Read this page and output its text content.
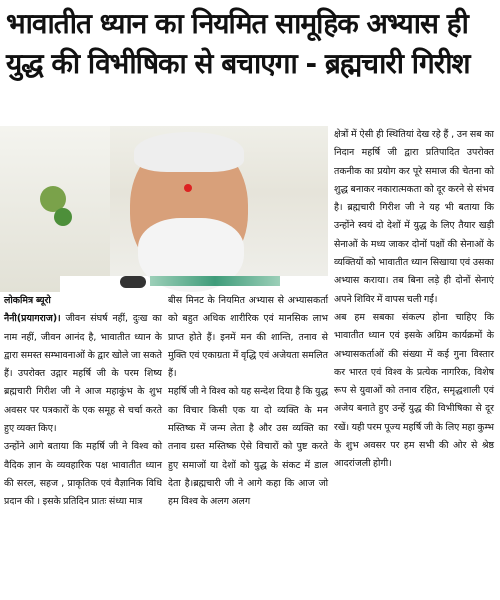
भावातीत ध्यान का नियमित सामूहिक अभ्यास ही
युद्ध की विभीषिका से बचाएगा - ब्रह्मचारी गिरीश

क्षेत्रों में ऐसी ही स्थितियां देख रहे हैं , उन सब का निदान महर्षि जी द्वारा प्रतिपादित उपरोक्त तकनीक का प्रयोग कर पूरे समाज की चेतना को शुद्ध बनाकर नकारात्मकता को दूर करने से संभव है। ब्रह्मचारी गिरीश जी ने यह भी बताया कि उन्होंने स्वयं दो देशों में युद्ध के लिए तैयार खड़ी सेनाओं के मध्य जाकर दोनों पक्षों की सेनाओं के व्यक्तियों को भावातीत ध्यान सिखाया एवं उसका अभ्यास कराया। तब बिना लड़े ही दोनों सेनाएं अपने शिविर में वापस चली गईं।

अब हम सबका संकल्प होना चाहिए कि भावातीत ध्यान एवं इसके अग्रिम कार्यक्रमों के अभ्यासकर्ताओं की संख्या में कई गुना विस्तार कर भारत एवं विश्व के प्रत्येक नागरिक, विशेष रूप से युवाओं को तनाव रहित, समृद्धशाली एवं अजेय बनाते हुए उन्हें युद्ध की विभीषिका से दूर रखें। यही परम पूज्य महर्षि जी के लिए महा कुम्भ के शुभ अवसर पर हम सभी की ओर से श्रेष्ठ आदरांजली होगी।

लोकमित्र ब्यूरो
नैनी(प्रयागराज)। जीवन संघर्ष नहीं, दुःख का नाम नहीं, जीवन आनंद है, भावातीत ध्यान के द्वारा समस्त सम्भावनाओं के द्वार खोले जा सकते हैं। उपरोक्त उद्गार महर्षि जी के परम शिष्य ब्रह्मचारी गिरीश जी ने आज महाकुंभ के शुभ अवसर पर पत्रकारों के एक समूह से चर्चा करते हुए व्यक्त किए।

उन्होंने आगे बताया कि महर्षि जी ने विश्व को वैदिक ज्ञान के व्यवहारिक पक्ष भावातीत ध्यान की सरल, सहज , प्राकृतिक एवं वैज्ञानिक विधि प्रदान की । इसके प्रतिदिन प्रातः संध्या मात्र

बीस मिनट के नियमित अभ्यास से अभ्यासकर्ता को बहुत अधिक शारीरिक एवं मानसिक लाभ प्राप्त होते हैं। इनमें मन की शान्ति, तनाव से मुक्ति एवं एकाग्रता में वृद्धि एवं अजेयता समलित हैं।

महर्षि जी ने विश्व को यह सन्देश दिया है कि युद्ध का विचार किसी एक या दो व्यक्ति के मन मस्तिष्क में जन्म लेता है और उस व्यक्ति का तनाव ग्रस्त मस्तिष्क ऐसे विचारों को पुष्ट करते हुए समाजों या देशों को युद्ध के संकट में डाल देता है।ब्रह्मचारी जी ने आगे कहा कि आज जो हम विश्व के अलग अलग
